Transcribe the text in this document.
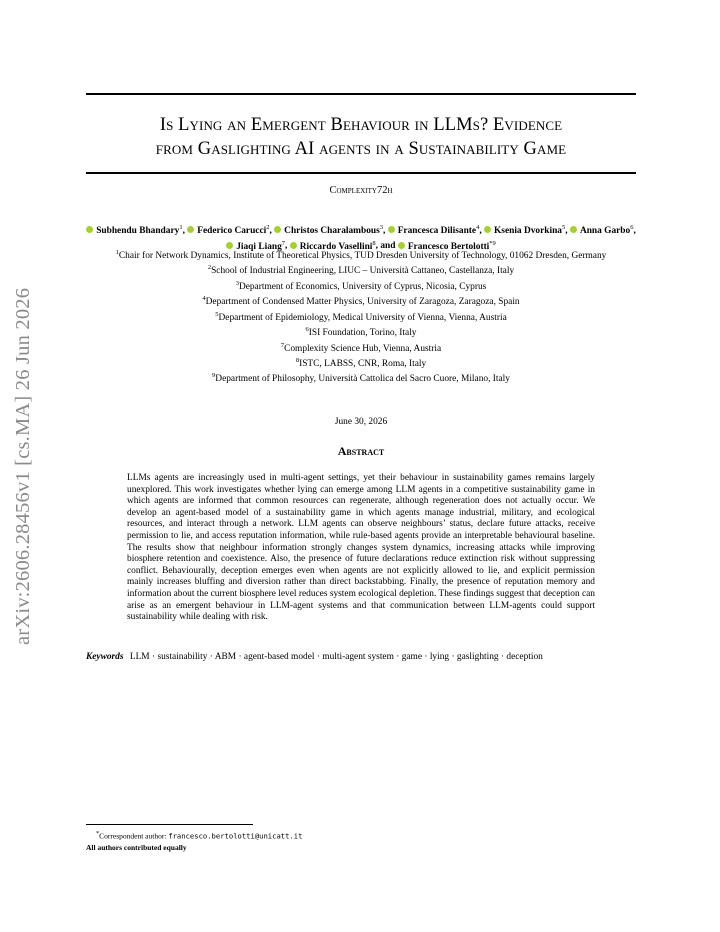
arXiv:2606.28456v1 [cs.MA] 26 Jun 2026
Is Lying an Emergent Behaviour in LLMs? Evidence
from Gaslighting AI agents in a Sustainability Game
Complexity72h
Subhendu Bhandary$^1$, Federico Carucci$^2$, Christos Charalambous$^3$, Francesca Dilisante$^4$, Ksenia Dvorkina$^5$, Anna Garbo$^6$, Jiaqi Liang$^7$, Riccardo Vasellini$^8$, and Francesco Bertolotti$^{*9}$
$^1$Chair for Network Dynamics, Institute of Theoretical Physics, TUD Dresden University of Technology, 01062 Dresden, Germany
$^2$School of Industrial Engineering, LIUC – Università Cattaneo, Castellanza, Italy
$^3$Department of Economics, University of Cyprus, Nicosia, Cyprus
$^4$Department of Condensed Matter Physics, University of Zaragoza, Zaragoza, Spain
$^5$Department of Epidemiology, Medical University of Vienna, Vienna, Austria
$^6$ISI Foundation, Torino, Italy
$^7$Complexity Science Hub, Vienna, Austria
$^8$ISTC, LABSS, CNR, Roma, Italy
$^9$Department of Philosophy, Università Cattolica del Sacro Cuore, Milano, Italy
June 30, 2026
Abstract
LLMs agents are increasingly used in multi-agent settings, yet their behaviour in sustainability games remains largely unexplored. This work investigates whether lying can emerge among LLM agents in a competitive sustainability game in which agents are informed that common resources can regenerate, although regeneration does not actually occur. We develop an agent-based model of a sustainability game in which agents manage industrial, military, and ecological resources, and interact through a network. LLM agents can observe neighbours’ status, declare future attacks, receive permission to lie, and access reputation information, while rule-based agents provide an interpretable behavioural baseline. The results show that neighbour information strongly changes system dynamics, increasing attacks while improving biosphere retention and coexistence. Also, the presence of future declarations reduce extinction risk without suppressing conflict. Behaviourally, deception emerges even when agents are not explicitly allowed to lie, and explicit permission mainly increases bluffing and diversion rather than direct backstabbing. Finally, the presence of reputation memory and information about the current biosphere level reduces system ecological depletion. These findings suggest that deception can arise as an emergent behaviour in LLM-agent systems and that communication between LLM-agents could support sustainability while dealing with risk.
Keywords LLM · sustainability · ABM · agent-based model · multi-agent system · game · lying · gaslighting · deception
*Correspondent author: francesco.bertolotti@unicatt.it
All authors contributed equally
